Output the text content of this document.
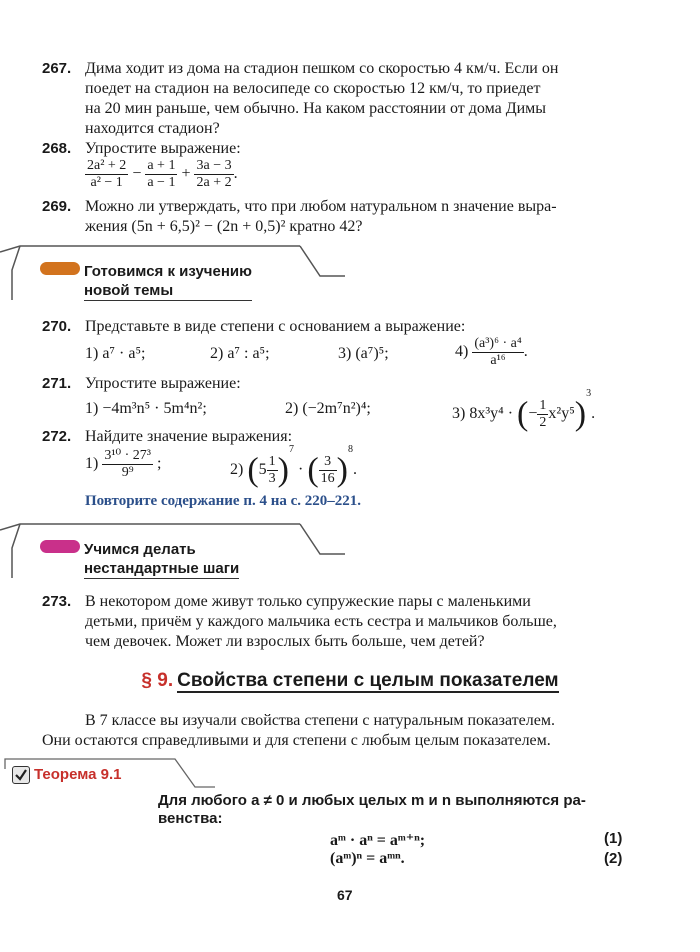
267. Дима ходит из дома на стадион пешком со скоростью 4 км/ч. Если он
поедет на стадион на велосипеде со скоростью 12 км/ч, то приедет
на 20 мин раньше, чем обычно. На каком расстоянии от дома Димы
находится стадион?
268. Упростите выражение:
$\frac{\text{2a² + 2}}{\text{a² − 1}} - \frac{a + 1}{a - 1} + \frac{3a - 3}{2a + 2}$ .
269. Можно ли утверждать, что при любом натуральном n значение выра-
жения (5n + 6,5)² − (2n + 0,5)² кратно 42?
Готовимся к изучению
новой темы
270. Представьте в виде степени с основанием a выражение:
1) a⁷ · a⁵;	2) a⁷ : a⁵;	3) (a⁷)⁵;	$4) \frac{\text{(a³)⁶ · a⁴}}{\text{a¹⁶}}$ .
271. Упростите выражение:
1) −4m³n⁵ · 5m⁴n²;	2) (−2m⁷n²)⁴;	3) 8x³y⁴ · (− $\frac{1}{2} x^2y^5)^3$.
272. Найдите значение выражения:
$1) \frac{\text{3¹⁰ · 27³}}{\text{9⁹}}$ ;	2) $(5 \frac{1}{3} )^7$ · ( $\frac{3}{16} )^8$.
Повторите содержание п. 4 на с. 220–221.
Учимся делать
нестандартные шаги
273. В некотором доме живут только супружеские пары с маленькими
детьми, причём у каждого мальчика есть сестра и мальчиков больше,
чем девочек. Может ли взрослых быть больше, чем детей?
§ 9. Свойства степени с целым показателем
В 7 классе вы изучали свойства степени с натуральным показателем.
Они остаются справедливыми и для степени с любым целым показателем.
Теорема 9.1
Для любого a ≠ 0 и любых целых m и n выполняются ра-
венства:
aᵐ · aⁿ = aᵐ⁺ⁿ;	(1)
(aᵐ)ⁿ = aᵐⁿ.	(2)
67
